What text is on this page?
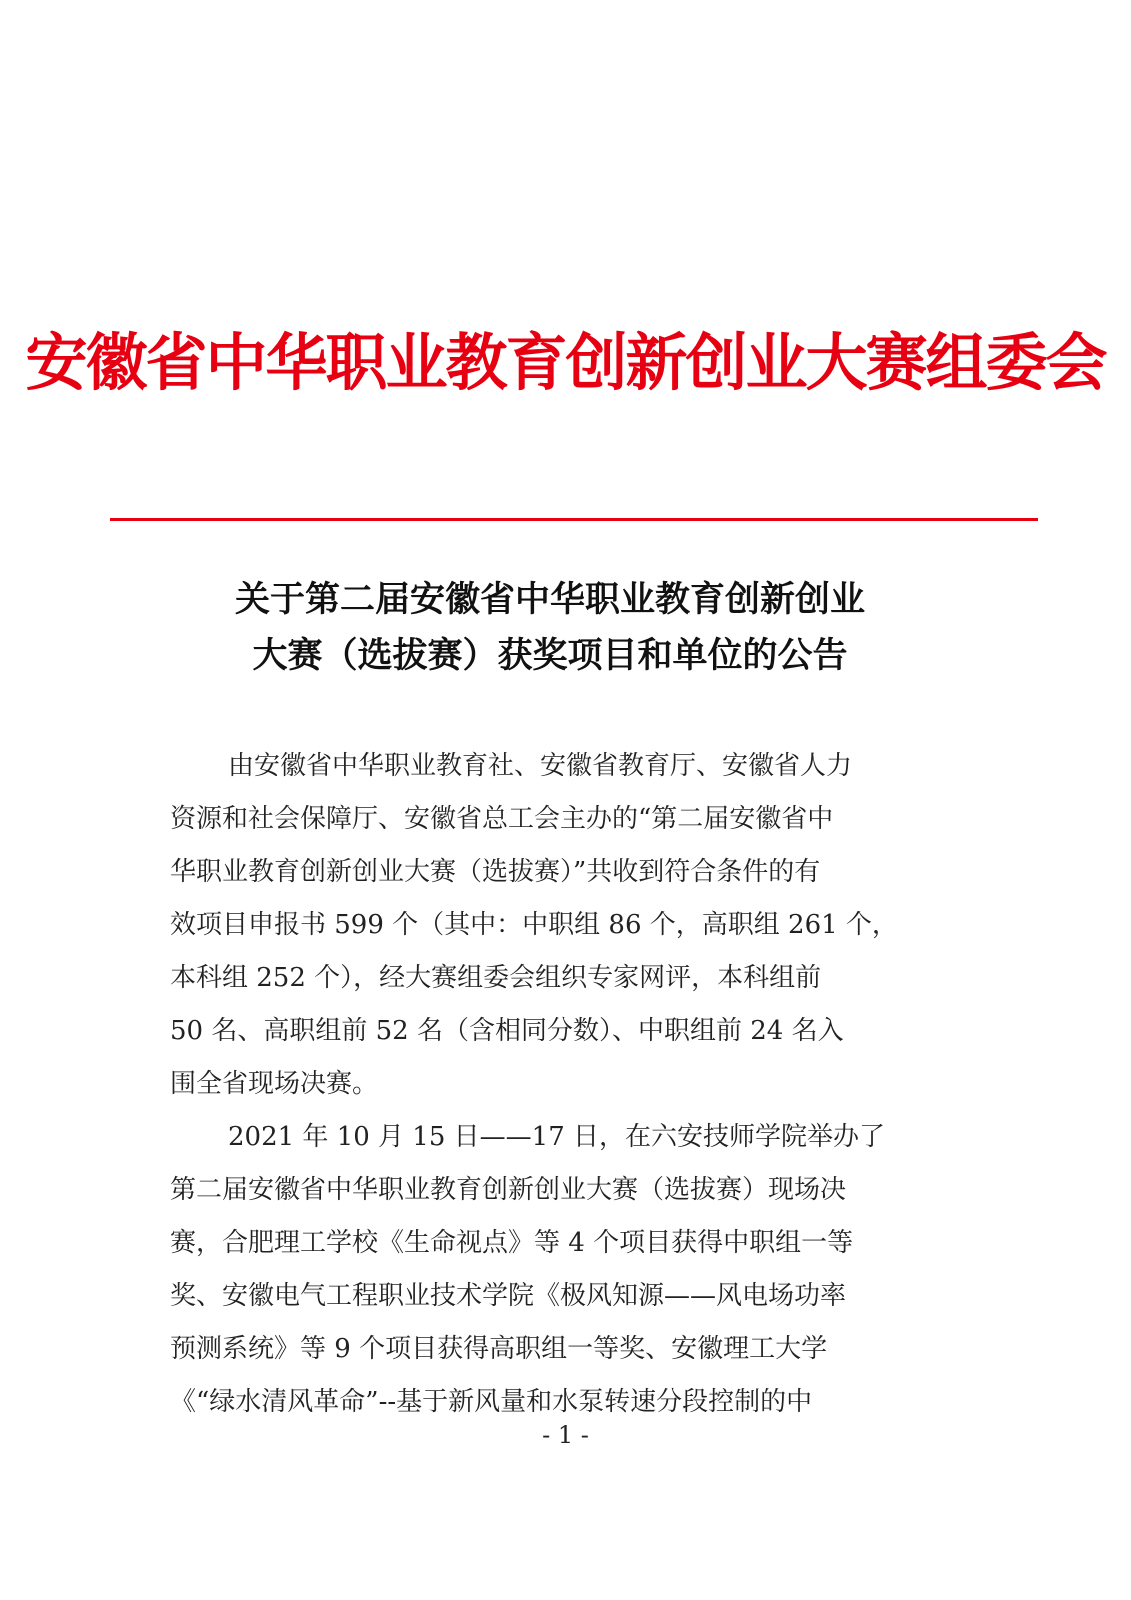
安徽省中华职业教育创新创业大赛组委会
关于第二届安徽省中华职业教育创新创业
大赛（选拔赛）获奖项目和单位的公告
由安徽省中华职业教育社、安徽省教育厅、安徽省人力
资源和社会保障厅、安徽省总工会主办的“第二届安徽省中
华职业教育创新创业大赛（选拔赛）”共收到符合条件的有
效项目申报书 599 个（其中：中职组 86 个，高职组 261 个，
本科组 252 个），经大赛组委会组织专家网评，本科组前
50 名、高职组前 52 名（含相同分数）、中职组前 24 名入
围全省现场决赛。
2021 年 10 月 15 日——17 日，在六安技师学院举办了
第二届安徽省中华职业教育创新创业大赛（选拔赛）现场决
赛，合肥理工学校《生命视点》等 4 个项目获得中职组一等
奖、安徽电气工程职业技术学院《极风知源——风电场功率
预测系统》等 9 个项目获得高职组一等奖、安徽理工大学
《“绿水清风革命”--基于新风量和水泵转速分段控制的中
- 1 -
